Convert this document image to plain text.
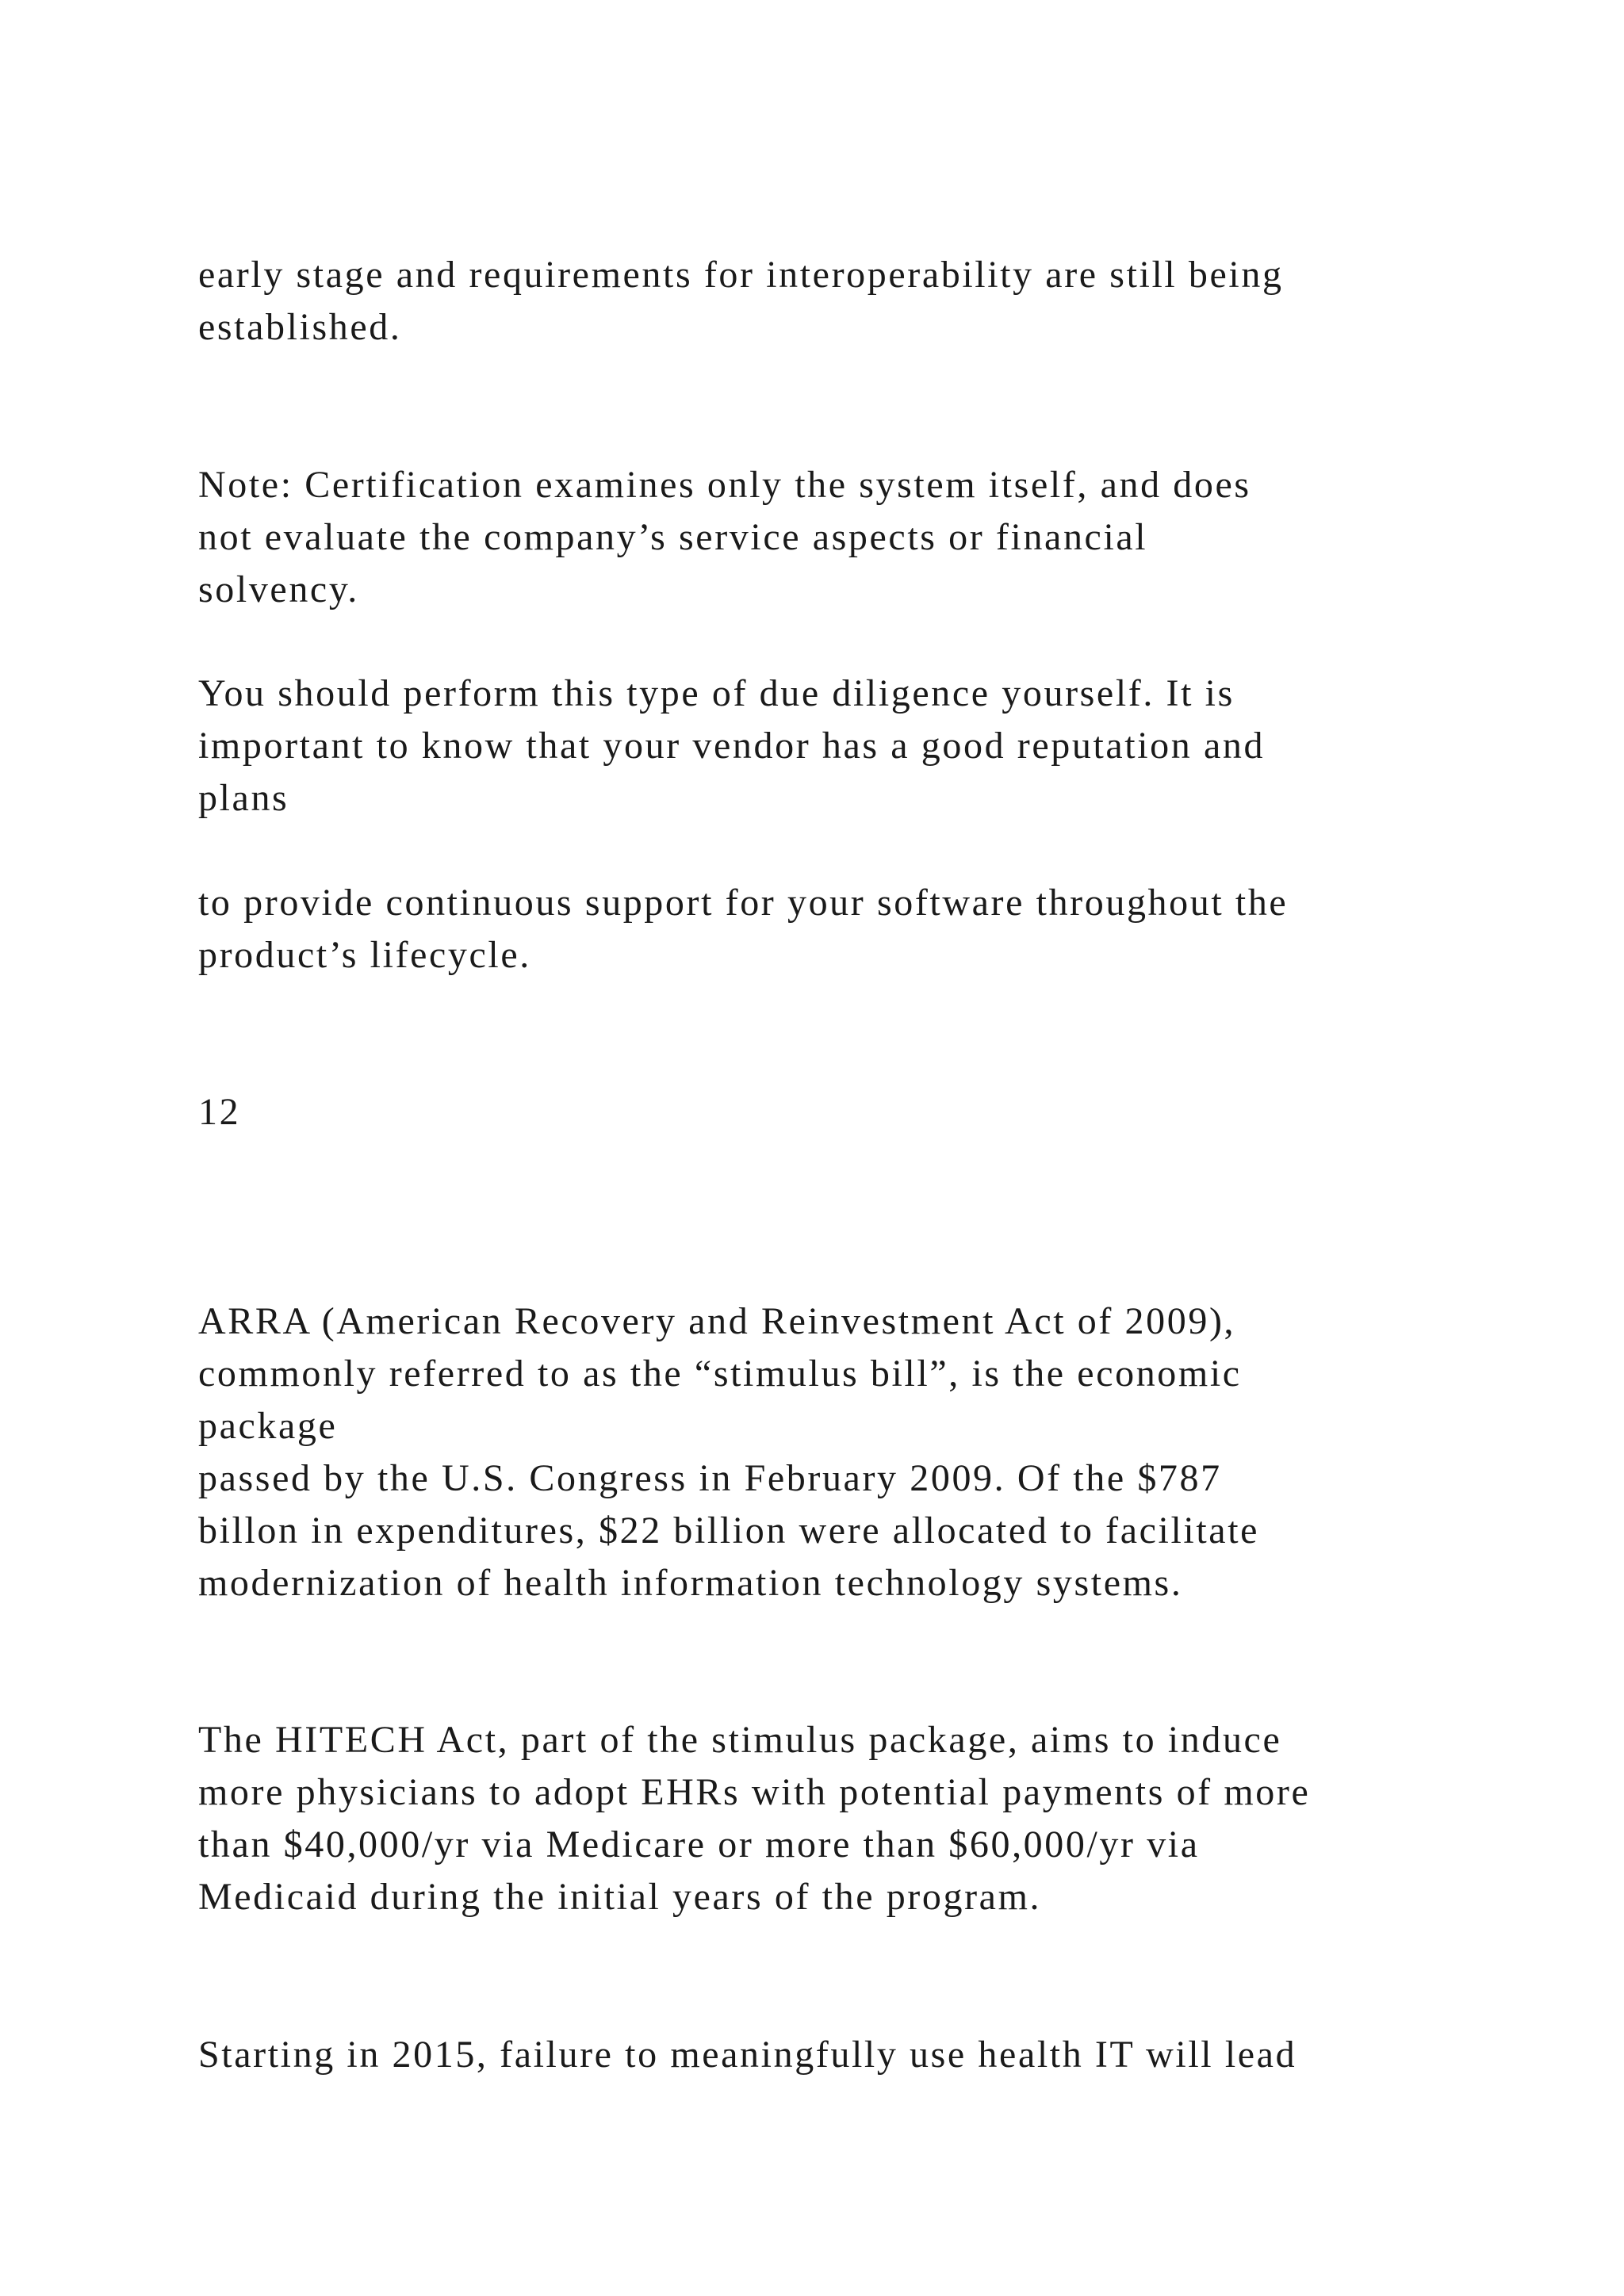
early stage and requirements for interoperability are still being

established.

Note: Certification examines only the system itself, and does

not evaluate the company’s service aspects or financial

solvency.

You should perform this type of due diligence yourself. It is

important to know that your vendor has a good reputation and

plans

to provide continuous support for your software throughout the

product’s lifecycle.

12

ARRA (American Recovery and Reinvestment Act of 2009),

commonly referred to as the “stimulus bill”, is the economic

package

passed by the U.S. Congress in February 2009. Of the $787

billon in expenditures, $22 billion were allocated to facilitate

modernization of health information technology systems.

The HITECH Act, part of the stimulus package, aims to induce

more physicians to adopt EHRs with potential payments of more

than $40,000/yr via Medicare or more than $60,000/yr via

Medicaid during the initial years of the program.

Starting in 2015, failure to meaningfully use health IT will lead
